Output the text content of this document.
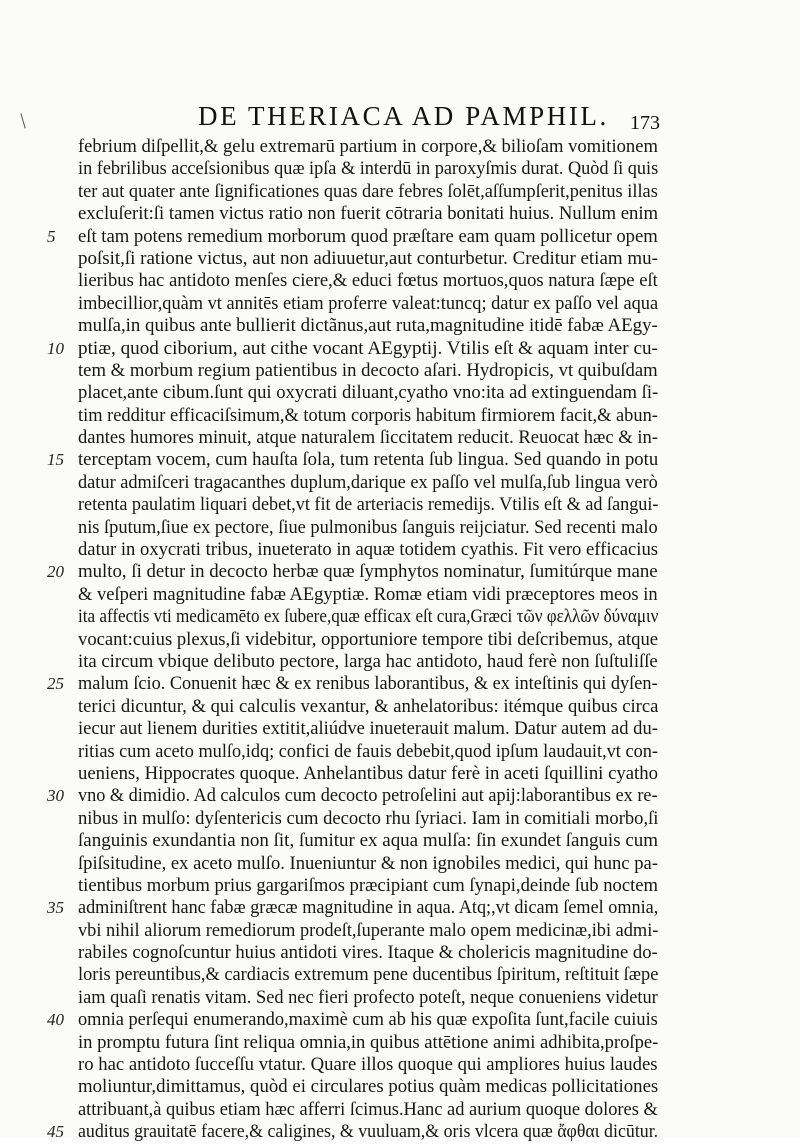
/	DE THERIACA AD PAMPHIL. 173
febrium diſpellit,& gelu extremarū partium in corpore,& bilioſam vomitionem
in febrilibus acceſsionibus quæ ipſa & interdū in paroxyſmis durat. Quòd ſi quis
ter aut quater ante ſignificationes quas dare febres ſolēt,aſſumpſerit,penitus illas
excluſerit:ſi tamen victus ratio non fuerit cōtraria bonitati huius. Nullum enim
eſt tam potens remedium morborum quod præſtare eam quam pollicetur opem
5
poſsit,ſi ratione victus, aut non adiuuetur,aut conturbetur. Creditur etiam mu-
lieribus hac antidoto menſes ciere,& educi fœtus mortuos,quos natura ſæpe eſt
imbecillior,quàm vt annitēs etiam proferre valeat:tuncq; datur ex paſſo vel aqua
mulſa,in quibus ante bullierit dictãnus,aut ruta,magnitudine itidē fabæ AEgy-
ptiæ, quod ciborium, aut cithe vocant AEgyptij. Vtilis eſt & aquam inter cu-
10
tem & morbum regium patientibus in decocto aſari. Hydropicis, vt quibuſdam
placet,ante cibum.ſunt qui oxycrati diluant,cyatho vno:ita ad extinguendam ſi-
tim redditur efficaciſsimum,& totum corporis habitum firmiorem facit,& abun-
dantes humores minuit, atque naturalem ſiccitatem reducit. Reuocat hæc & in-
terceptam vocem, cum hauſta ſola, tum retenta ſub lingua. Sed quando in potu
15
datur admiſceri tragacanthes duplum,darique ex paſſo vel mulſa,ſub lingua verò
retenta paulatim liquari debet,vt fit de arteriacis remedijs. Vtilis eſt & ad ſangui-
nis ſputum,ſiue ex pectore, ſiue pulmonibus ſanguis reijciatur. Sed recenti malo
datur in oxycrati tribus, inueterato in aquæ totidem cyathis. Fit vero efficacius
multo, ſi detur in decocto herbæ quæ ſymphytos nominatur, ſumitúrque mane
20
& veſperi magnitudine fabæ AEgyptiæ. Romæ etiam vidi præceptores meos in
ita affectis vti medicamēto ex ſubere,quæ efficax eſt cura,Græci τῶν φελλῶν δύναμιν
vocant:cuius plexus,ſi videbitur, opportuniore tempore tibi deſcribemus, atque
ita circum vbique delibuto pectore, larga hac antidoto, haud ferè non ſuſtuliſſe
malum ſcio. Conuenit hæc & ex renibus laborantibus, & ex inteſtinis qui dyſen-
25
terici dicuntur, & qui calculis vexantur, & anhelatoribus: itémque quibus circa
iecur aut lienem durities extitit,aliúdve inueterauit malum. Datur autem ad du-
ritias cum aceto mulſo,idq; confici de fauis debebit,quod ipſum laudauit,vt con-
ueniens, Hippocrates quoque. Anhelantibus datur ferè in aceti ſquillini cyatho
vno & dimidio. Ad calculos cum decocto petroſelini aut apij:laborantibus ex re-
30
nibus in mulſo: dyſentericis cum decocto rhu ſyriaci. Iam in comitiali morbo,ſi
ſanguinis exundantia non ſit, ſumitur ex aqua mulſa: ſin exundet ſanguis cum
ſpiſsitudine, ex aceto mulſo. Inueniuntur & non ignobiles medici, qui hunc pa-
tientibus morbum prius gargariſmos præcipiant cum ſynapi,deinde ſub noctem
adminiſtrent hanc fabæ græcæ magnitudine in aqua. Atq;,vt dicam ſemel omnia,
35
vbi nihil aliorum remediorum prodeſt,ſuperante malo opem medicinæ,ibi admi-
rabiles cognoſcuntur huius antidoti vires. Itaque & cholericis magnitudine do-
loris pereuntibus,& cardiacis extremum pene ducentibus ſpiritum, reſtituit ſæpe
iam quaſi renatis vitam. Sed nec fieri profecto poteſt, neque conueniens videtur
omnia perſequi enumerando,maximè cum ab his quæ expoſita ſunt,facile cuiuis
40
in promptu futura ſint reliqua omnia,in quibus attētione animi adhibita,proſpe-
ro hac antidoto ſucceſſu vtatur. Quare illos quoque qui ampliores huius laudes
moliuntur,dimittamus, quòd ei circulares potius quàm medicas pollicitationes
attribuant,à quibus etiam hæc afferri ſcimus.Hanc ad aurium quoque dolores &
auditus grauitatē facere,& caligines, & vuuluam,& oris vlcera quæ ἄφθαι dicūtur.
45
